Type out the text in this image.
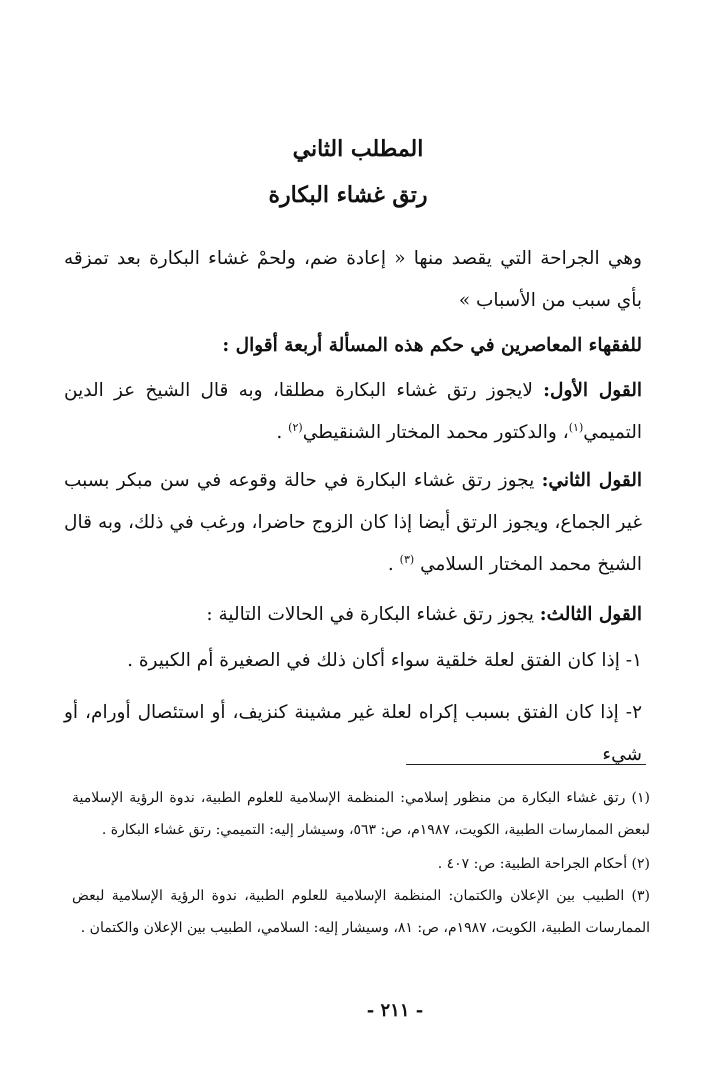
المطلب الثاني
رتق غشاء البكارة

وهي الجراحة التي يقصد منها « إعادة ضم، ولحمْ غشاء البكارة بعد تمزقه بأي سبب من الأسباب »

للفقهاء المعاصرين في حكم هذه المسألة أربعة أقوال :

القول الأول: لايجوز رتق غشاء البكارة مطلقا، وبه قال الشيخ عز الدين التميمي$^{(١)}$، والدكتور محمد المختار الشنقيطي$^{(٢)}$ .

القول الثاني: يجوز رتق غشاء البكارة في حالة وقوعه في سن مبكر بسبب غير الجماع، ويجوز الرتق أيضا إذا كان الزوج حاضرا، ورغب في ذلك، وبه قال الشيخ محمد المختار السلامي $^{(٣)}$ .

القول الثالث: يجوز رتق غشاء البكارة في الحالات التالية :

١- إذا كان الفتق لعلة خلقية سواء أكان ذلك في الصغيرة أم الكبيرة .

٢- إذا كان الفتق بسبب إكراه لعلة غير مشينة كنزيف، أو استئصال أورام، أو شيء

(١) رتق غشاء البكارة من منظور إسلامي: المنظمة الإسلامية للعلوم الطبية، ندوة الرؤية الإسلامية لبعض الممارسات الطبية، الكويت، ١٩٨٧م، ص: ٥٦٣، وسيشار إليه: التميمي: رتق غشاء البكارة .

(٢) أحكام الجراحة الطبية: ص: ٤٠٧ .

(٣) الطبيب بين الإعلان والكتمان: المنظمة الإسلامية للعلوم الطبية، ندوة الرؤية الإسلامية لبعض الممارسات الطبية، الكويت، ١٩٨٧م، ص: ٨١، وسيشار إليه: السلامي، الطبيب بين الإعلان والكتمان .

- ٢١١ -
